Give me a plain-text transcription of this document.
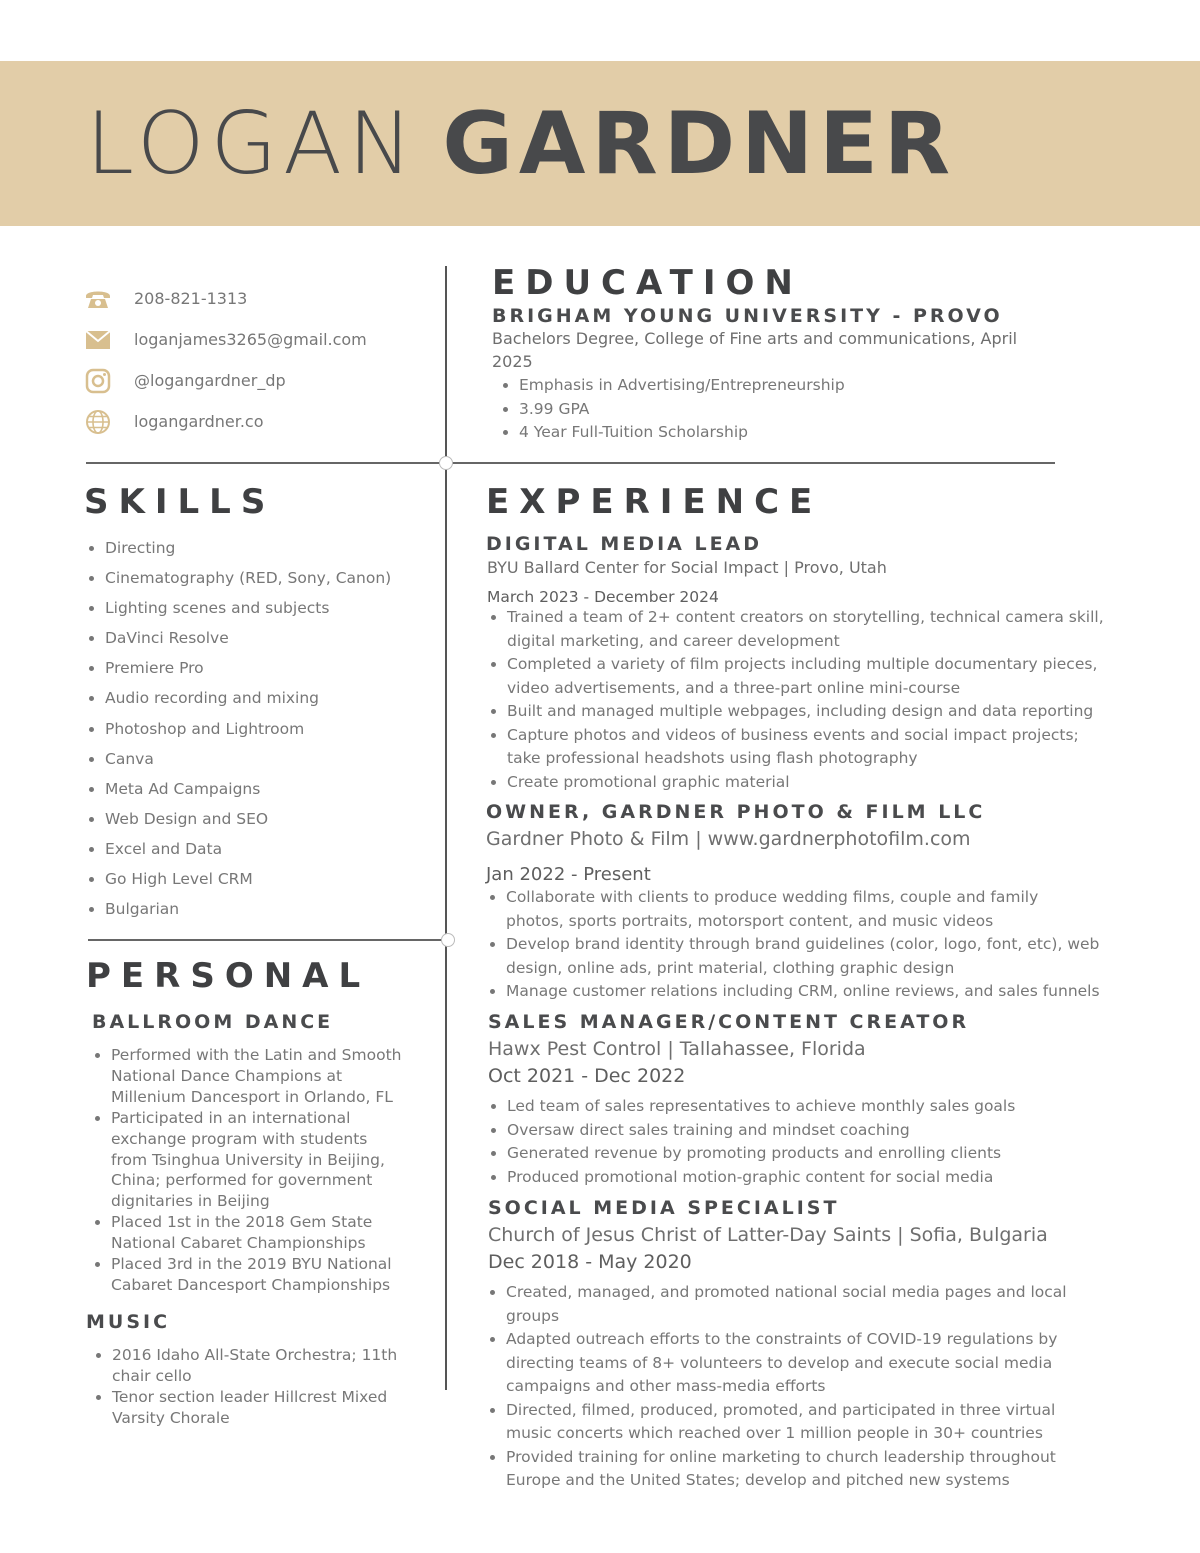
LOGAN GARDNER
208-821-1313
loganjames3265@gmail.com
@logangardner_dp
logangardner.co
EDUCATION
BRIGHAM YOUNG UNIVERSITY - PROVO

Bachelors Degree, College of Fine arts and communications, April

2025

• Emphasis in Advertising/Entrepreneurship
• 3.99 GPA
• 4 Year Full-Tuition Scholarship
SKILLS
• Directing
• Cinematography (RED, Sony, Canon)
• Lighting scenes and subjects
• DaVinci Resolve
• Premiere Pro
• Audio recording and mixing
• Photoshop and Lightroom
• Canva
• Meta Ad Campaigns
• Web Design and SEO
• Excel and Data
• Go High Level CRM
• Bulgarian
PERSONAL
BALLROOM DANCE
• Performed with the Latin and Smooth
National Dance Champions at
Millenium Dancesport in Orlando, FL
• Participated in an international
exchange program with students
from Tsinghua University in Beijing,
China; performed for government
dignitaries in Beijing
• Placed 1st in the 2018 Gem State
National Cabaret Championships
• Placed 3rd in the 2019 BYU National
Cabaret Dancesport Championships
MUSIC
• 2016 Idaho All-State Orchestra; 11th
chair cello
• Tenor section leader Hillcrest Mixed
Varsity Chorale
EXPERIENCE
DIGITAL MEDIA LEAD

BYU Ballard Center for Social Impact | Provo, Utah

March 2023 - December 2024

• Trained a team of 2+ content creators on storytelling, technical camera skill,
digital marketing, and career development
• Completed a variety of film projects including multiple documentary pieces,
video advertisements, and a three-part online mini-course
• Built and managed multiple webpages, including design and data reporting
• Capture photos and videos of business events and social impact projects;
take professional headshots using flash photography
• Create promotional graphic material
OWNER, GARDNER PHOTO & FILM LLC

Gardner Photo & Film | www.gardnerphotofilm.com

Jan 2022 - Present

• Collaborate with clients to produce wedding films, couple and family
photos, sports portraits, motorsport content, and music videos
• Develop brand identity through brand guidelines (color, logo, font, etc), web
design, online ads, print material, clothing graphic design
• Manage customer relations including CRM, online reviews, and sales funnels
SALES MANAGER/CONTENT CREATOR

Hawx Pest Control | Tallahassee, Florida

Oct 2021 - Dec 2022

• Led team of sales representatives to achieve monthly sales goals
• Oversaw direct sales training and mindset coaching
• Generated revenue by promoting products and enrolling clients
• Produced promotional motion-graphic content for social media
SOCIAL MEDIA SPECIALIST

Church of Jesus Christ of Latter-Day Saints | Sofia, Bulgaria

Dec 2018 - May 2020

• Created, managed, and promoted national social media pages and local
groups
• Adapted outreach efforts to the constraints of COVID-19 regulations by
directing teams of 8+ volunteers to develop and execute social media
campaigns and other mass-media efforts
• Directed, filmed, produced, promoted, and participated in three virtual
music concerts which reached over 1 million people in 30+ countries
• Provided training for online marketing to church leadership throughout
Europe and the United States; develop and pitched new systems
